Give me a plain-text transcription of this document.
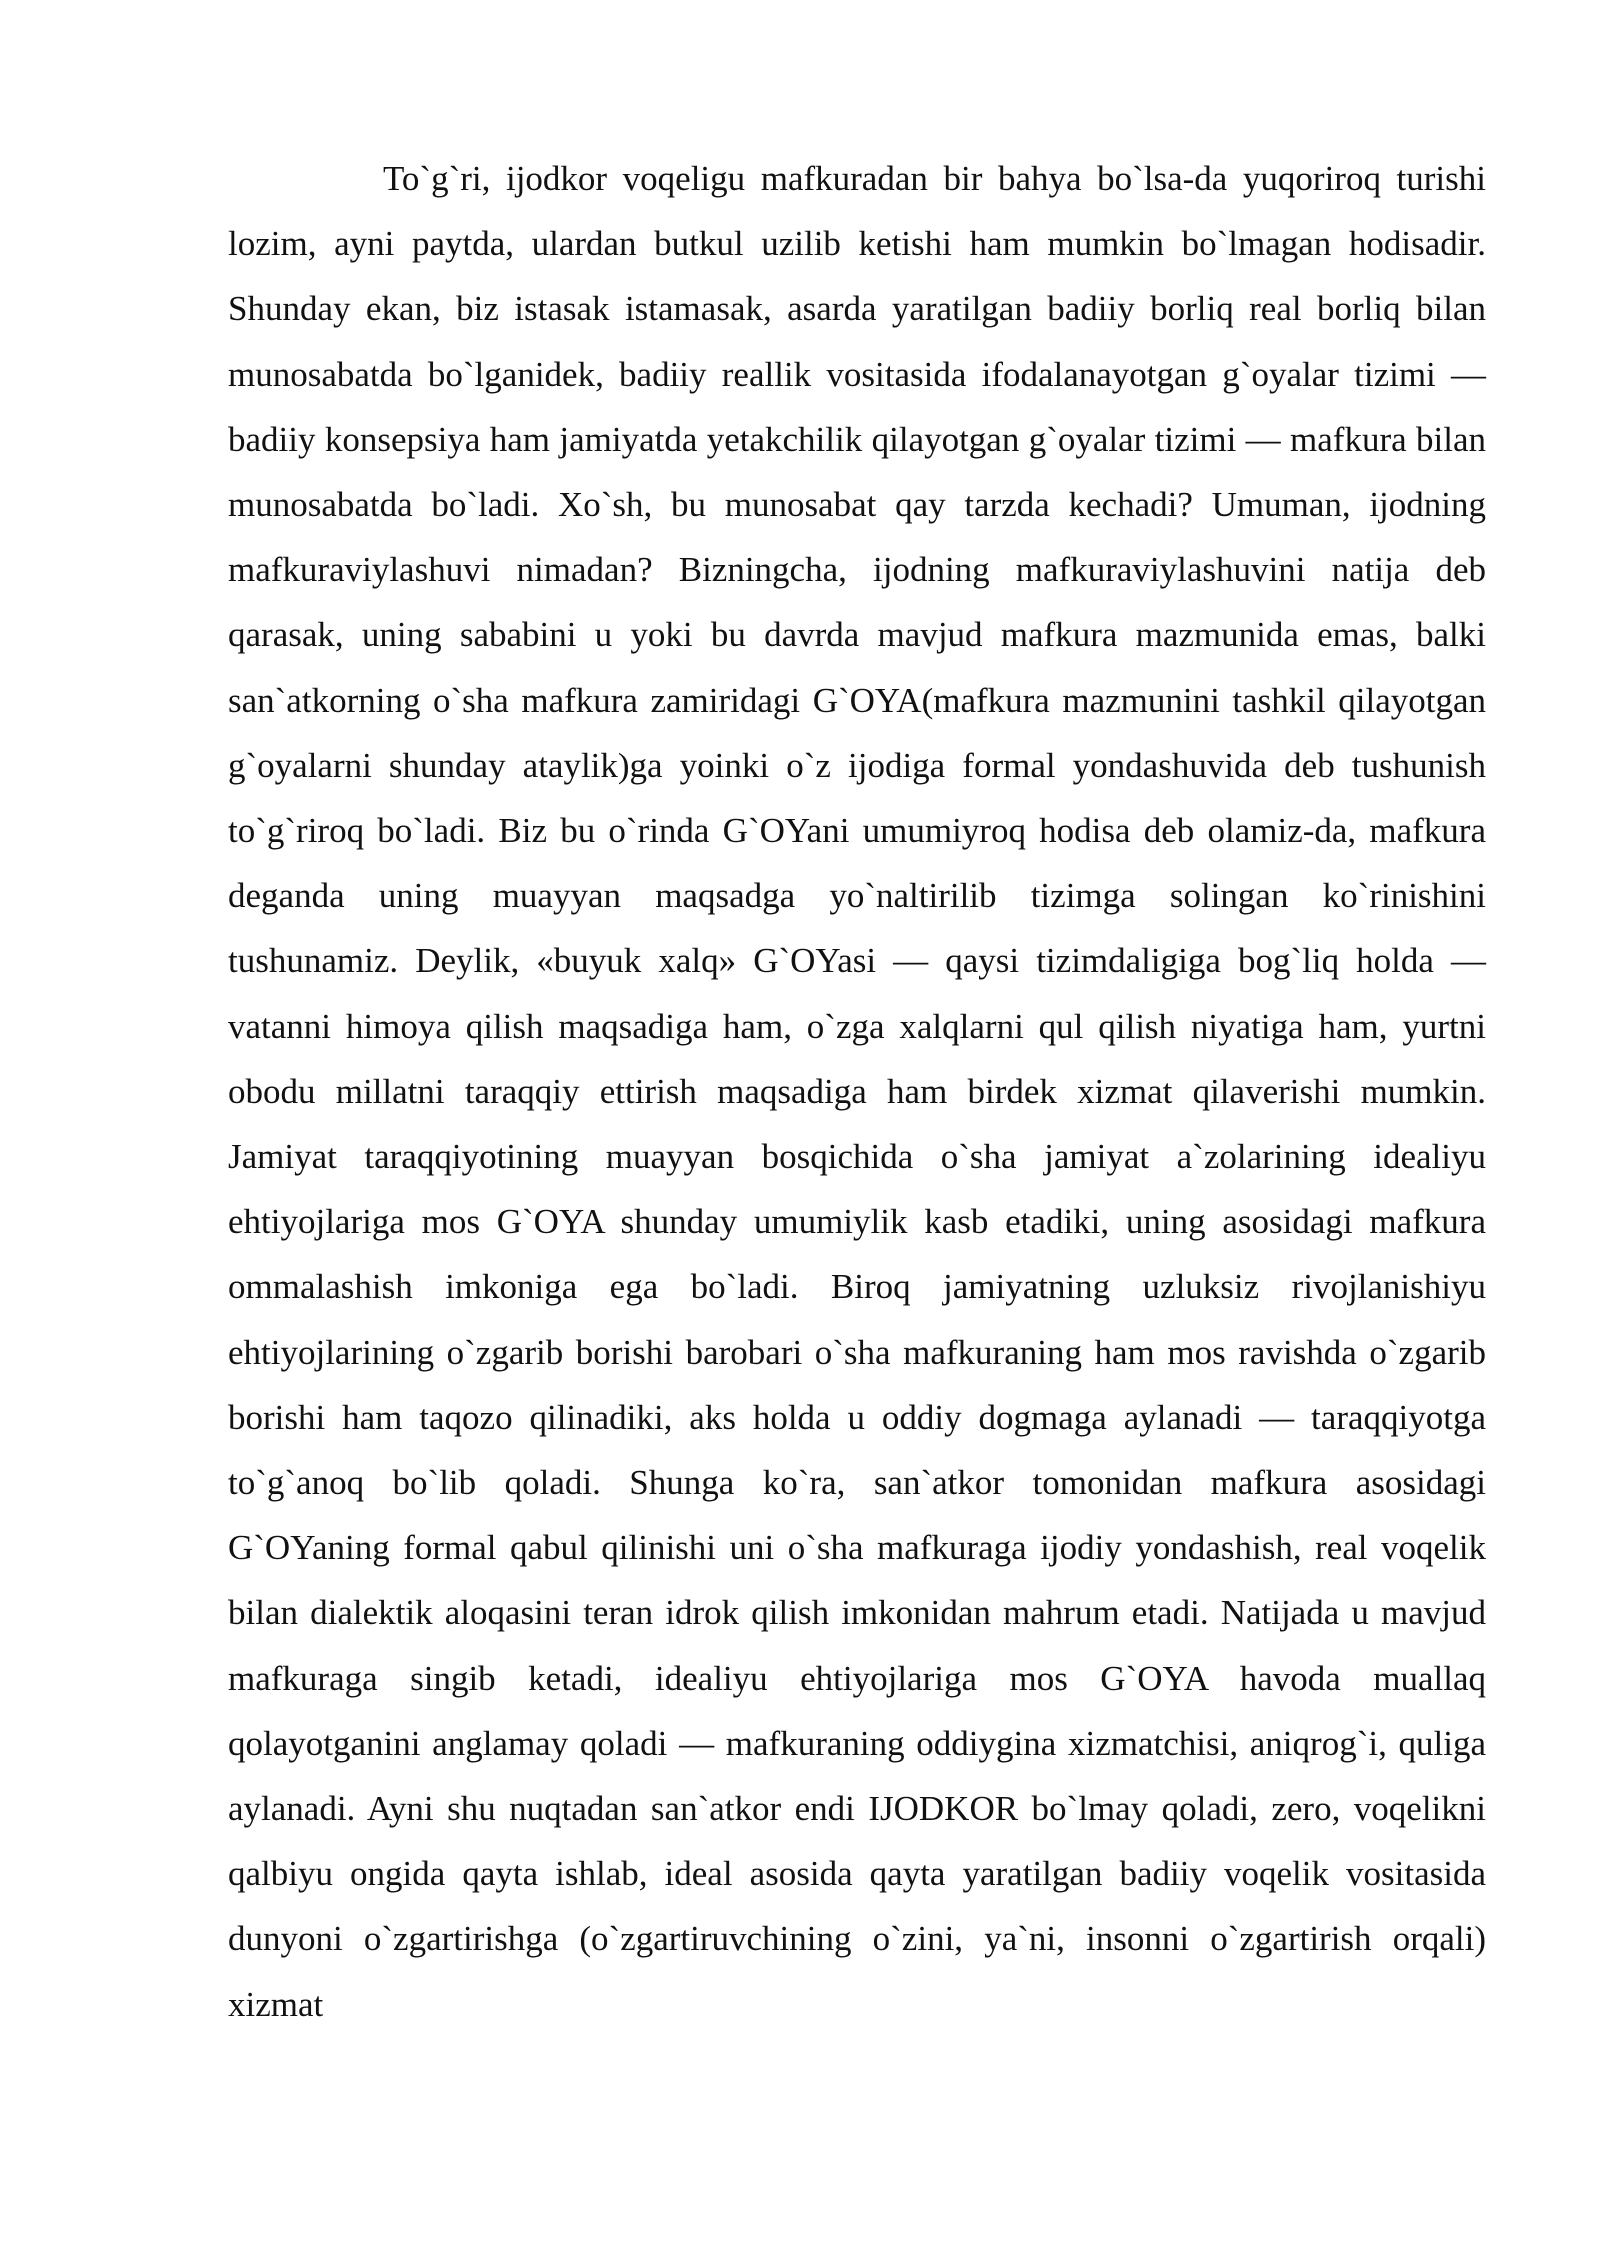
To`g`ri, ijodkor voqeligu mafkuradan bir bahya bo`lsa-da yuqoriroq turishi lozim, ayni paytda, ulardan butkul uzilib ketishi ham mumkin bo`lmagan hodisadir. Shunday ekan, biz istasak istamasak, asarda yaratilgan badiiy borliq real borliq bilan munosabatda bo`lganidek, badiiy reallik vositasida ifodalanayotgan g`oyalar tizimi — badiiy konsepsiya ham jamiyatda yetakchilik qilayotgan g`oyalar tizimi — mafkura bilan munosabatda bo`ladi. Xo`sh, bu munosabat qay tarzda kechadi? Umuman, ijodning mafkuraviylashuvi nimadan? Bizningcha, ijodning mafkuraviylashuvini natija deb qarasak, uning sababini u yoki bu davrda mavjud mafkura mazmunida emas, balki san`atkorning o`sha mafkura zamiridagi G`OYA(mafkura mazmunini tashkil qilayotgan g`oyalarni shunday ataylik)ga yoinki o`z ijodiga formal yondashuvida deb tushunish to`g`riroq bo`ladi. Biz bu o`rinda G`OYani umumiyroq hodisa deb olamiz-da, mafkura deganda uning muayyan maqsadga yo`naltirilib tizimga solingan ko`rinishini tushunamiz. Deylik, «buyuk xalq» G`OYasi — qaysi tizimdaligiga bog`liq holda — vatanni himoya qilish maqsadiga ham, o`zga xalqlarni qul qilish niyatiga ham, yurtni obodu millatni taraqqiy ettirish maqsadiga ham birdek xizmat qilaverishi mumkin. Jamiyat taraqqiyotining muayyan bosqichida o`sha jamiyat a`zolarining idealiyu ehtiyojlariga mos G`OYA shunday umumiylik kasb etadiki, uning asosidagi mafkura ommalashish imkoniga ega bo`ladi. Biroq jamiyatning uzluksiz rivojlanishiyu ehtiyojlarining o`zgarib borishi barobari o`sha mafkuraning ham mos ravishda o`zgarib borishi ham taqozo qilinadiki, aks holda u oddiy dogmaga aylanadi — taraqqiyotga to`g`anoq bo`lib qoladi. Shunga ko`ra, san`atkor tomonidan mafkura asosidagi G`OYaning formal qabul qilinishi uni o`sha mafkuraga ijodiy yondashish, real voqelik bilan dialektik aloqasini teran idrok qilish imkonidan mahrum etadi. Natijada u mavjud mafkuraga singib ketadi, idealiyu ehtiyojlariga mos G`OYA havoda muallaq qolayotganini anglamay qoladi — mafkuraning oddiygina xizmatchisi, aniqrog`i, quliga aylanadi. Ayni shu nuqtadan san`atkor endi IJODKOR bo`lmay qoladi, zero, voqelikni qalbiyu ongida qayta ishlab, ideal asosida qayta yaratilgan badiiy voqelik vositasida dunyoni o`zgartirishga (o`zgartiruvchining o`zini, ya`ni, insonni o`zgartirish orqali) xizmat
